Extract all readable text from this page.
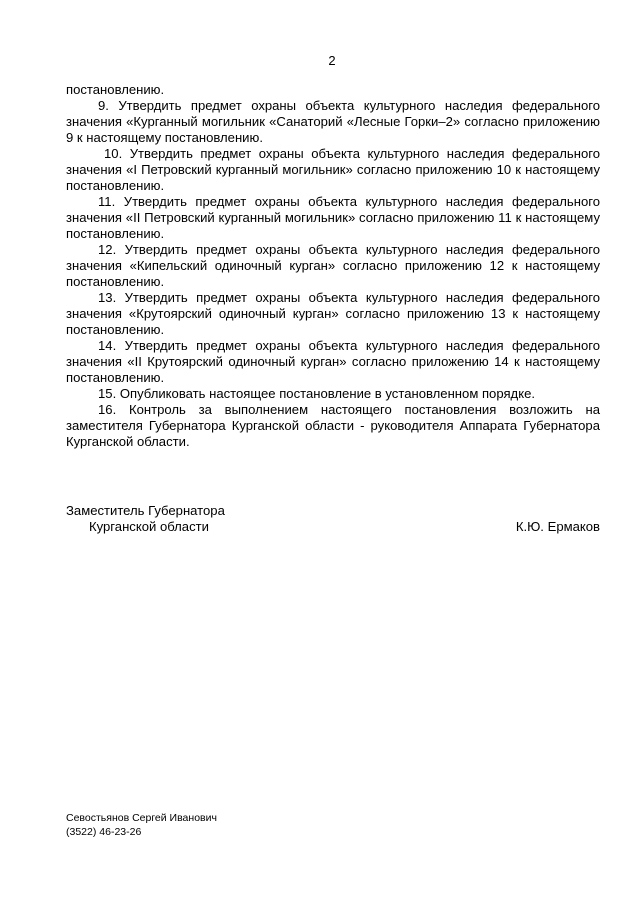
2

постановлению.

9. Утвердить предмет охраны объекта культурного наследия федерального значения «Курганный могильник «Санаторий «Лесные Горки–2» согласно приложению 9 к настоящему постановлению.

10. Утвердить предмет охраны объекта культурного наследия федерального значения «I Петровский курганный могильник» согласно приложению 10 к настоящему постановлению.

11. Утвердить предмет охраны объекта культурного наследия федерального значения «II Петровский курганный могильник» согласно приложению 11 к настоящему постановлению.

12. Утвердить предмет охраны объекта культурного наследия федерального значения «Кипельский одиночный курган» согласно приложению 12 к настоящему постановлению.

13. Утвердить предмет охраны объекта культурного наследия федерального значения «Крутоярский одиночный курган» согласно приложению 13 к настоящему постановлению.

14. Утвердить предмет охраны объекта культурного наследия федерального значения «II Крутоярский одиночный курган» согласно приложению 14 к настоящему постановлению.

15. Опубликовать настоящее постановление в установленном порядке.

16. Контроль за выполнением настоящего постановления возложить на заместителя Губернатора Курганской области - руководителя Аппарата Губернатора Курганской области.

Заместитель Губернатора
Курганской области	К.Ю. Ермаков
Севостьянов Сергей Иванович
(3522) 46-23-26
